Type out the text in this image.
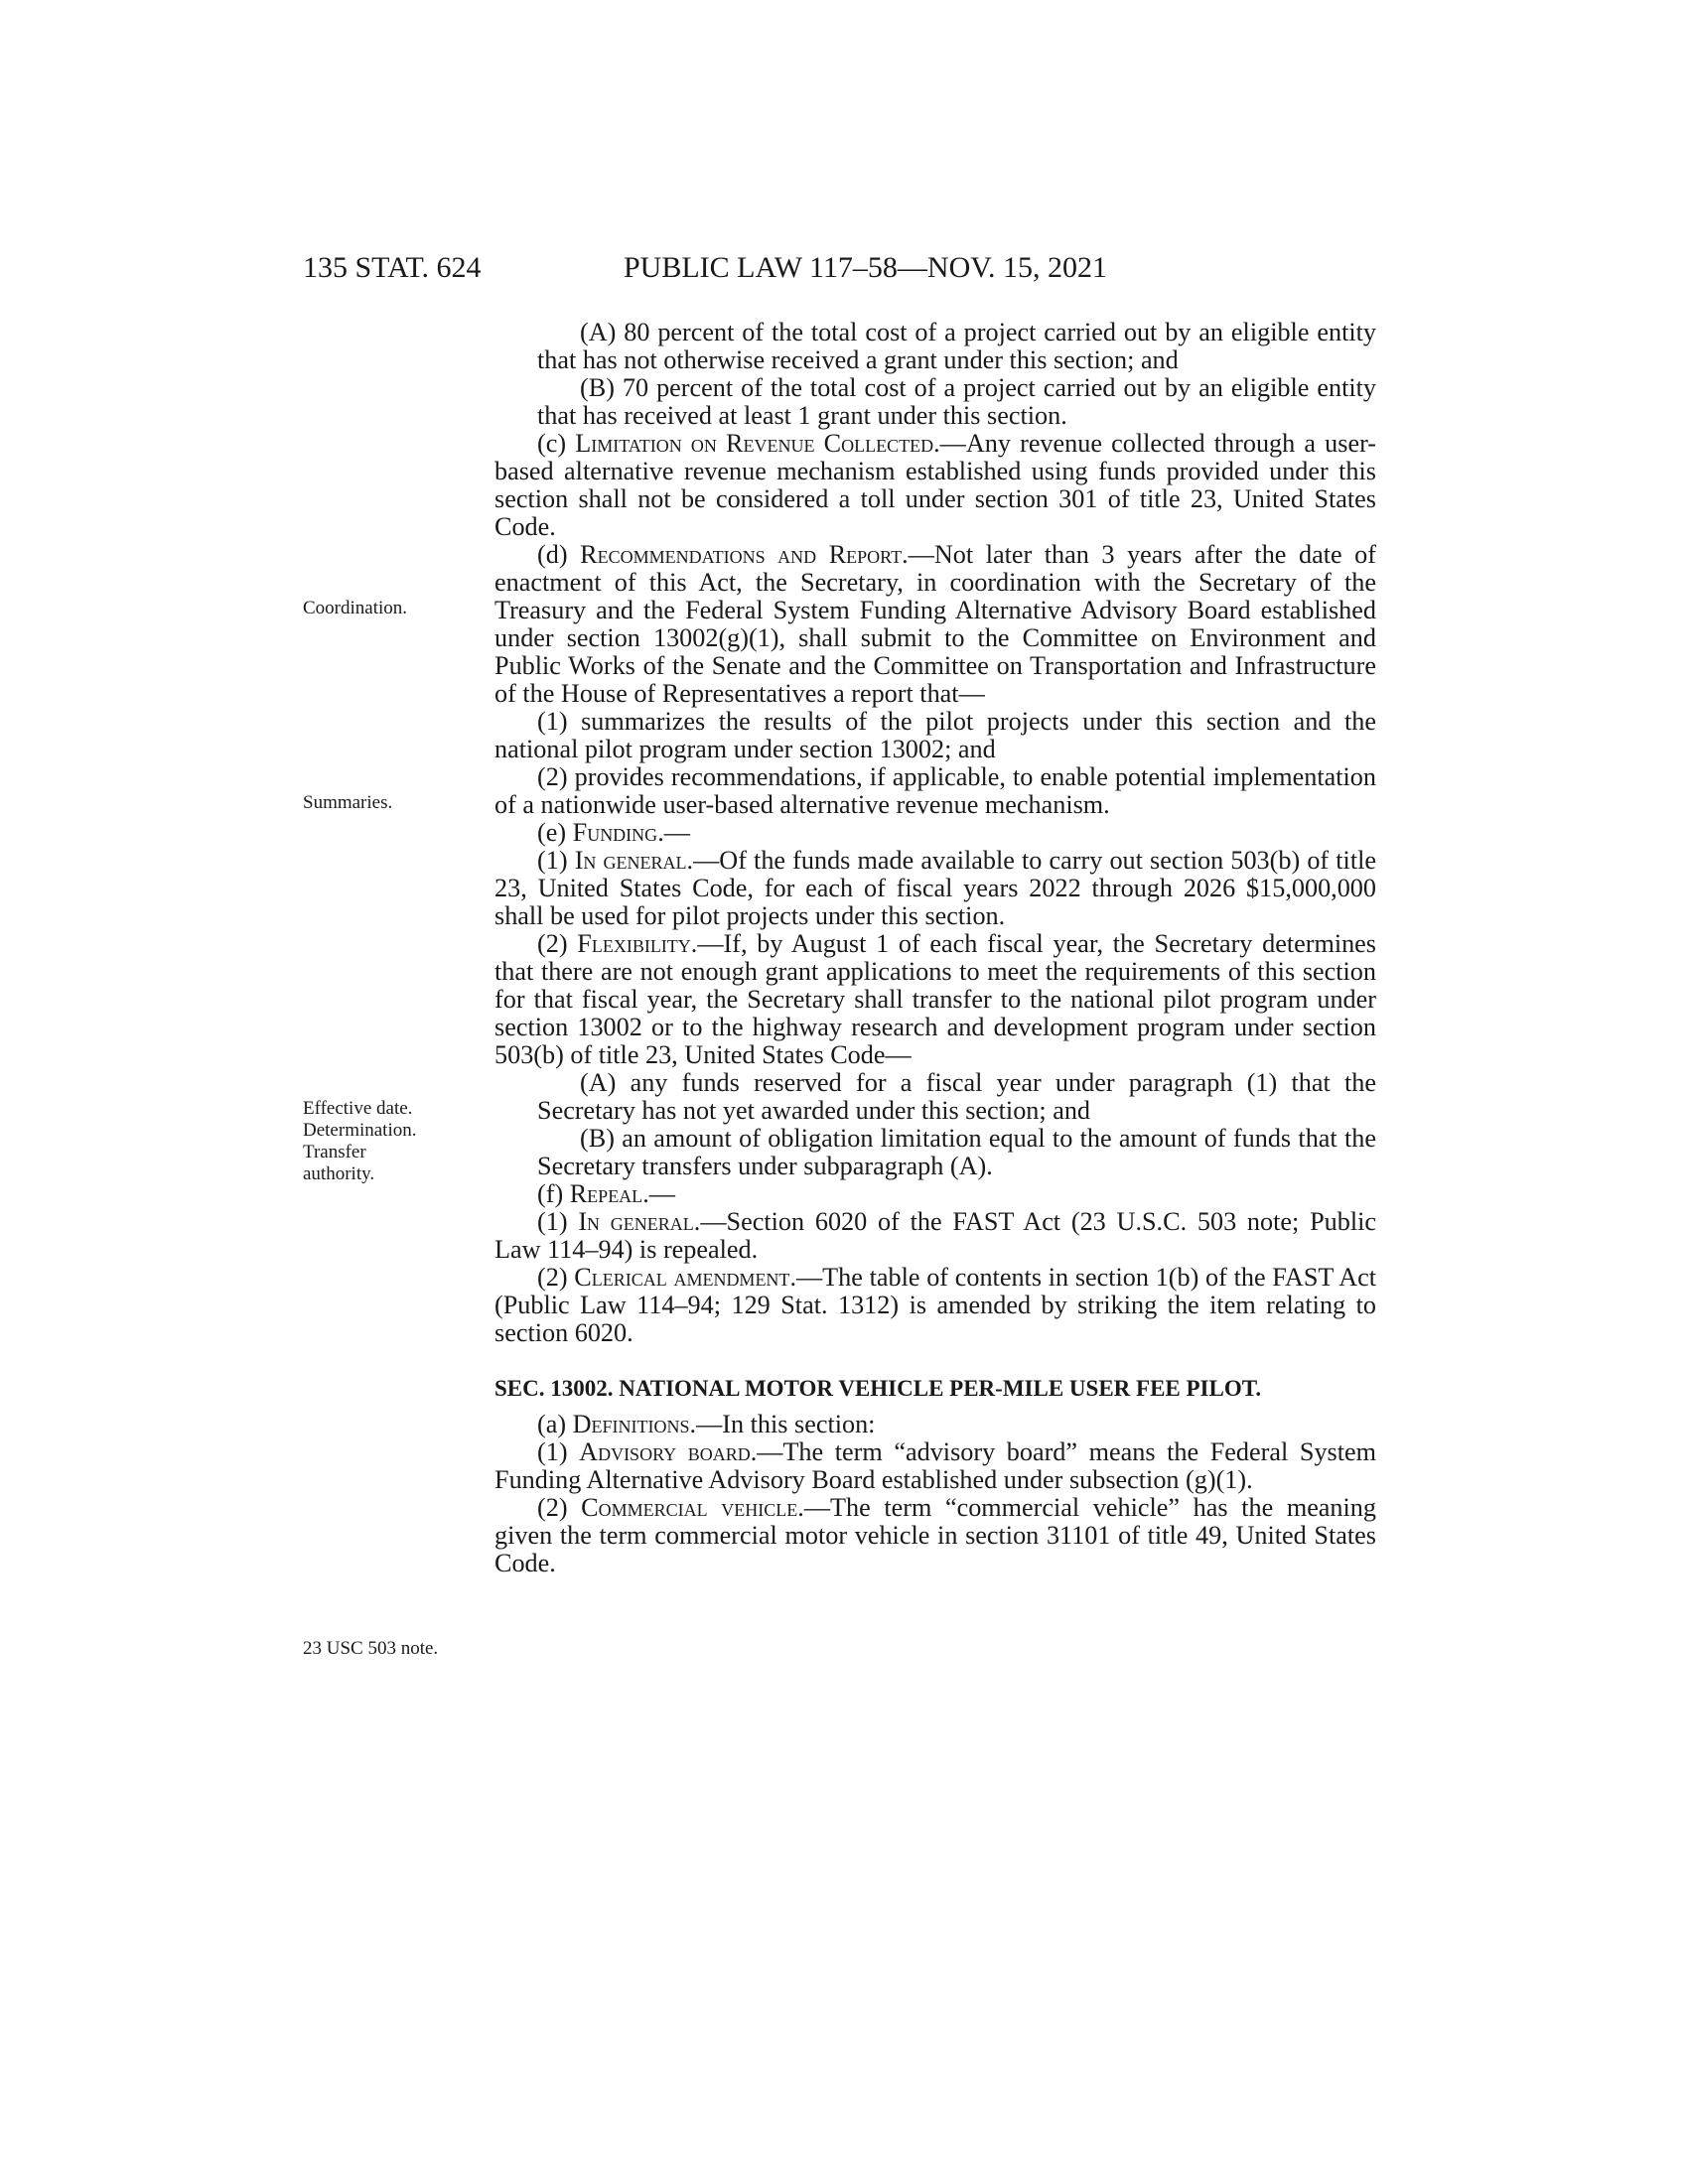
135 STAT. 624	PUBLIC LAW 117–58—NOV. 15, 2021

Coordination.

Summaries.

Effective date.
Determination.
Transfer
authority.

23 USC 503 note.

(A) 80 percent of the total cost of a project carried out by an eligible entity that has not otherwise received a grant under this section; and

(B) 70 percent of the total cost of a project carried out by an eligible entity that has received at least 1 grant under this section.

(c) Limitation on Revenue Collected.—Any revenue collected through a user-based alternative revenue mechanism established using funds provided under this section shall not be considered a toll under section 301 of title 23, United States Code.

(d) Recommendations and Report.—Not later than 3 years after the date of enactment of this Act, the Secretary, in coordination with the Secretary of the Treasury and the Federal System Funding Alternative Advisory Board established under section 13002(g)(1), shall submit to the Committee on Environment and Public Works of the Senate and the Committee on Transportation and Infrastructure of the House of Representatives a report that—

(1) summarizes the results of the pilot projects under this section and the national pilot program under section 13002; and

(2) provides recommendations, if applicable, to enable potential implementation of a nationwide user-based alternative revenue mechanism.

(e) Funding.—

(1) In general.—Of the funds made available to carry out section 503(b) of title 23, United States Code, for each of fiscal years 2022 through 2026 $15,000,000 shall be used for pilot projects under this section.

(2) Flexibility.—If, by August 1 of each fiscal year, the Secretary determines that there are not enough grant applications to meet the requirements of this section for that fiscal year, the Secretary shall transfer to the national pilot program under section 13002 or to the highway research and development program under section 503(b) of title 23, United States Code—

(A) any funds reserved for a fiscal year under paragraph (1) that the Secretary has not yet awarded under this section; and

(B) an amount of obligation limitation equal to the amount of funds that the Secretary transfers under subparagraph (A).

(f) Repeal.—

(1) In general.—Section 6020 of the FAST Act (23 U.S.C. 503 note; Public Law 114–94) is repealed.

(2) Clerical amendment.—The table of contents in section 1(b) of the FAST Act (Public Law 114–94; 129 Stat. 1312) is amended by striking the item relating to section 6020.

SEC. 13002. NATIONAL MOTOR VEHICLE PER-MILE USER FEE PILOT.

(a) Definitions.—In this section:

(1) Advisory board.—The term “advisory board” means the Federal System Funding Alternative Advisory Board established under subsection (g)(1).

(2) Commercial vehicle.—The term “commercial vehicle” has the meaning given the term commercial motor vehicle in section 31101 of title 49, United States Code.
